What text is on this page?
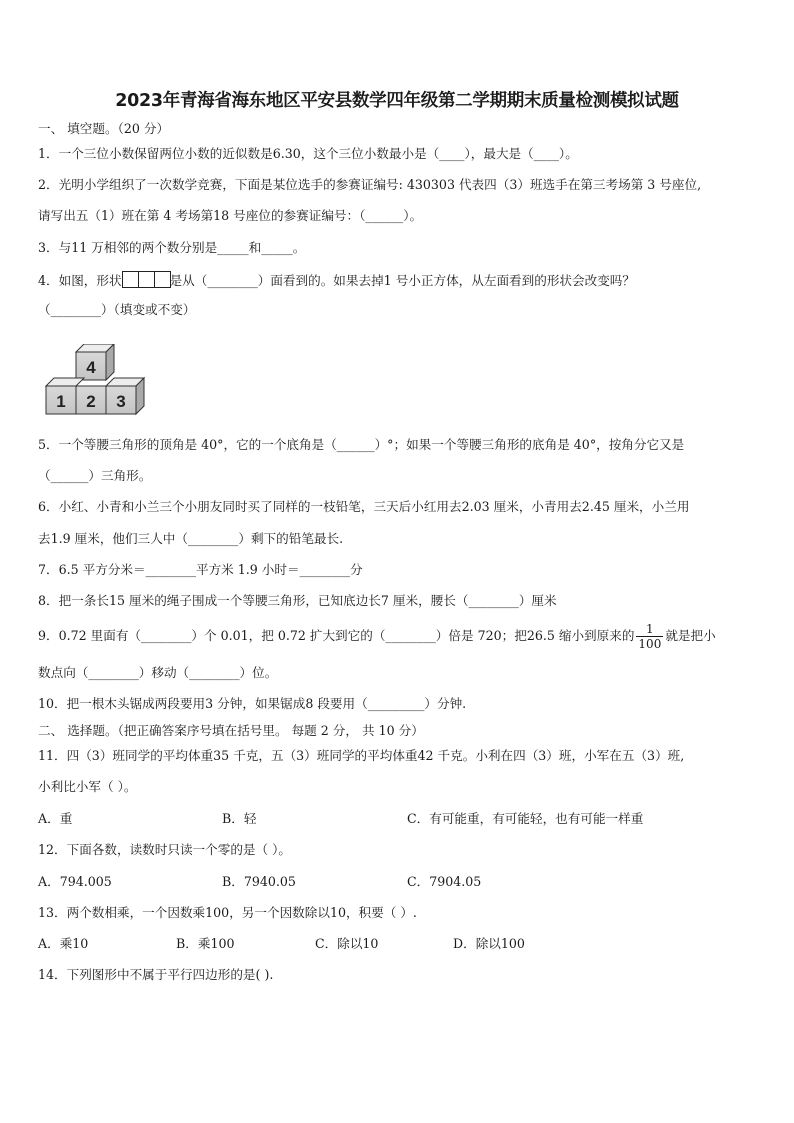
2023年青海省海东地区平安县数学四年级第二学期期末质量检测模拟试题
一、 填空题。（20 分）
1．一个三位小数保留两位小数的近似数是6.30，这个三位小数最小是（____），最大是（____）。
2．光明小学组织了一次数学竞赛，下面是某位选手的参赛证编号: 430303 代表四（3）班选手在第三考场第 3 号座位,
请写出五（1）班在第 4 考场第18 号座位的参赛证编号：（______）。
3．与11 万相邻的两个数分别是_____和_____。
4．如图，形状	是从（________）面看到的。如果去掉1 号小正方体，从左面看到的形状会改变吗？
（________）（填变或不变）
4
1 2 3
5．一个等腰三角形的顶角是 40°，它的一个底角是（______）°；如果一个等腰三角形的底角是 40°，按角分它又是
（______）三角形。
6．小红、小青和小兰三个小朋友同时买了同样的一枝铅笔，三天后小红用去2.03 厘米，小青用去2.45 厘米，小兰用
去1.9 厘米，他们三人中（________）剩下的铅笔最长.
7．6.5 平方分米＝________平方米 1.9 小时＝________分
8．把一条长15 厘米的绳子围成一个等腰三角形，已知底边长7 厘米，腰长（________）厘米
9．0.72 里面有（________）个 0.01，把 0.72 扩大到它的（________）倍是 720；把26.5 缩小到原来的 $\frac{1}{100}$ 就是把小
数点向（________）移动（________）位。
10．把一根木头锯成两段要用3 分钟，如果锯成8 段要用（_________）分钟.
二、 选择题。（把正确答案序号填在括号里。 每题 2 分， 共 10 分）
11．四（3）班同学的平均体重35 千克，五（3）班同学的平均体重42 千克。小利在四（3）班，小军在五（3）班,
小利比小军（ ）。
A．重	B．轻	C．有可能重，有可能轻，也有可能一样重
12．下面各数，读数时只读一个零的是（ ）。
A．794.005	B．7940.05	C．7904.05
13．两个数相乘，一个因数乘100，另一个因数除以10，积要（ ）.
A．乘10	B．乘100	C．除以10	D．除以100
14．下列图形中不属于平行四边形的是( ).
